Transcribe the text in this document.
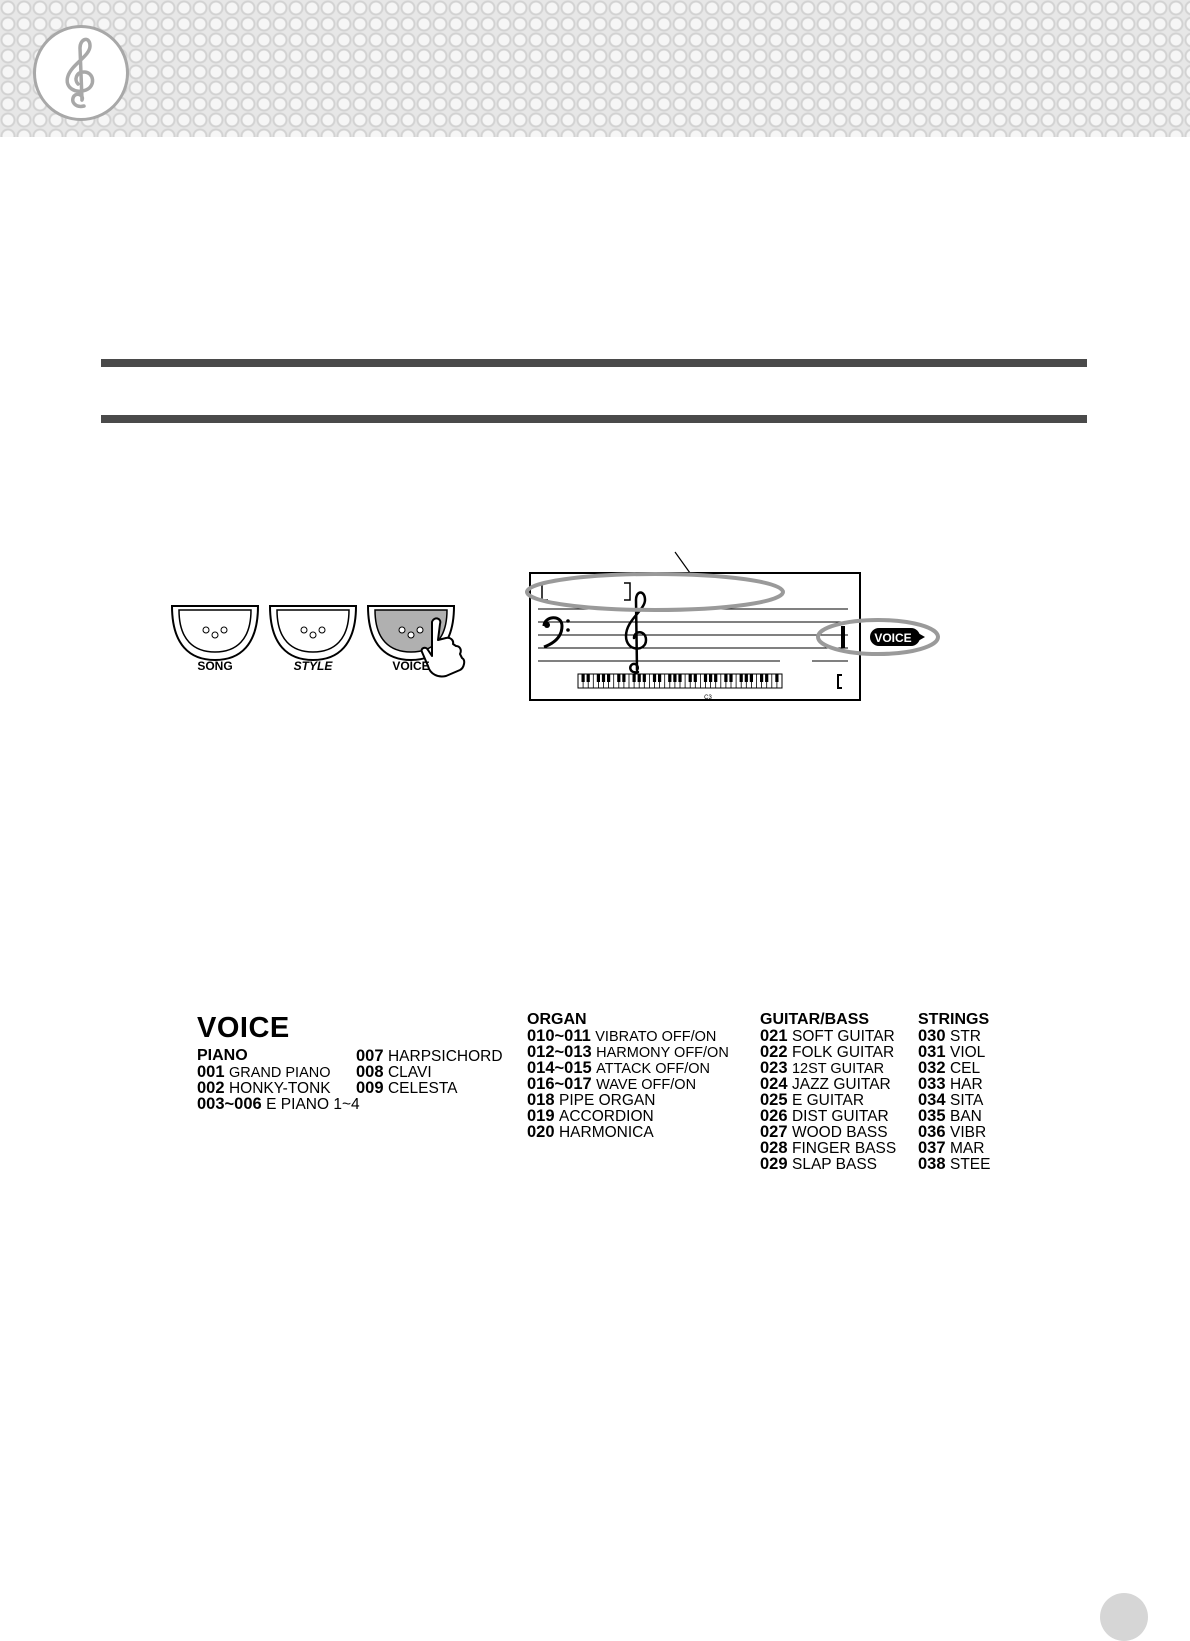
SONG	STYLE	VOICE
VOICE
C3
VOICE
PIANO
001 GRAND PIANO
002 HONKY-TONK
003~006 E PIANO 1~4
007 HARPSICHORD
008 CLAVI
009 CELESTA
ORGAN
010~011 VIBRATO OFF/ON
012~013 HARMONY OFF/ON
014~015 ATTACK OFF/ON
016~017 WAVE OFF/ON
018 PIPE ORGAN
019 ACCORDION
020 HARMONICA
GUITAR/BASS
021 SOFT GUITAR
022 FOLK GUITAR
023 12ST GUITAR
024 JAZZ GUITAR
025 E GUITAR
026 DIST GUITAR
027 WOOD BASS
028 FINGER BASS
029 SLAP BASS
STRINGS
030 STR
031 VIOL
032 CEL
033 HAR
034 SITA
035 BAN
036 VIBR
037 MAR
038 STEE
